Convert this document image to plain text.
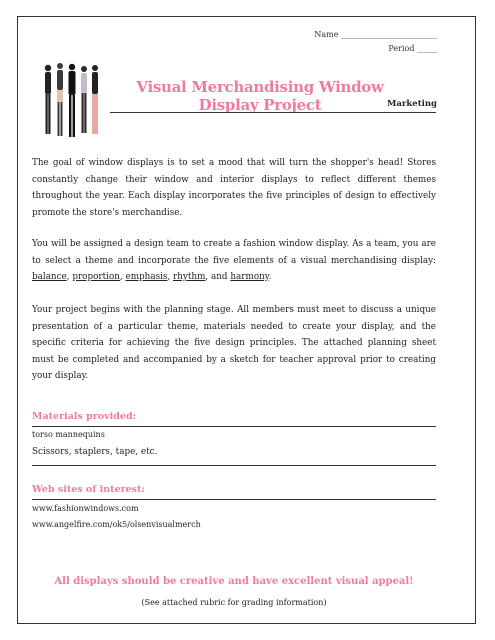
Name ________________________
Period _____
Visual Merchandising Window Display Project	Marketing
The goal of window displays is to set a mood that will turn the shopper's head! Stores constantly change their window and interior displays to reflect different themes throughout the year. Each display incorporates the five principles of design to effectively promote the store's merchandise.
You will be assigned a design team to create a fashion window display. As a team, you are to select a theme and incorporate the five elements of a visual merchandising display: balance, proportion, emphasis, rhythm, and harmony.
Your project begins with the planning stage. All members must meet to discuss a unique presentation of a particular theme, materials needed to create your display, and the specific criteria for achieving the five design principles. The attached planning sheet must be completed and accompanied by a sketch for teacher approval prior to creating your display.
Materials provided:
torso mannequins
Scissors, staplers, tape, etc.
Web sites of interest:
www.fashionwindows.com
www.angelfire.com/ok5/olsenvisualmerch
All displays should be creative and have excellent visual appeal!
(See attached rubric for grading information)
